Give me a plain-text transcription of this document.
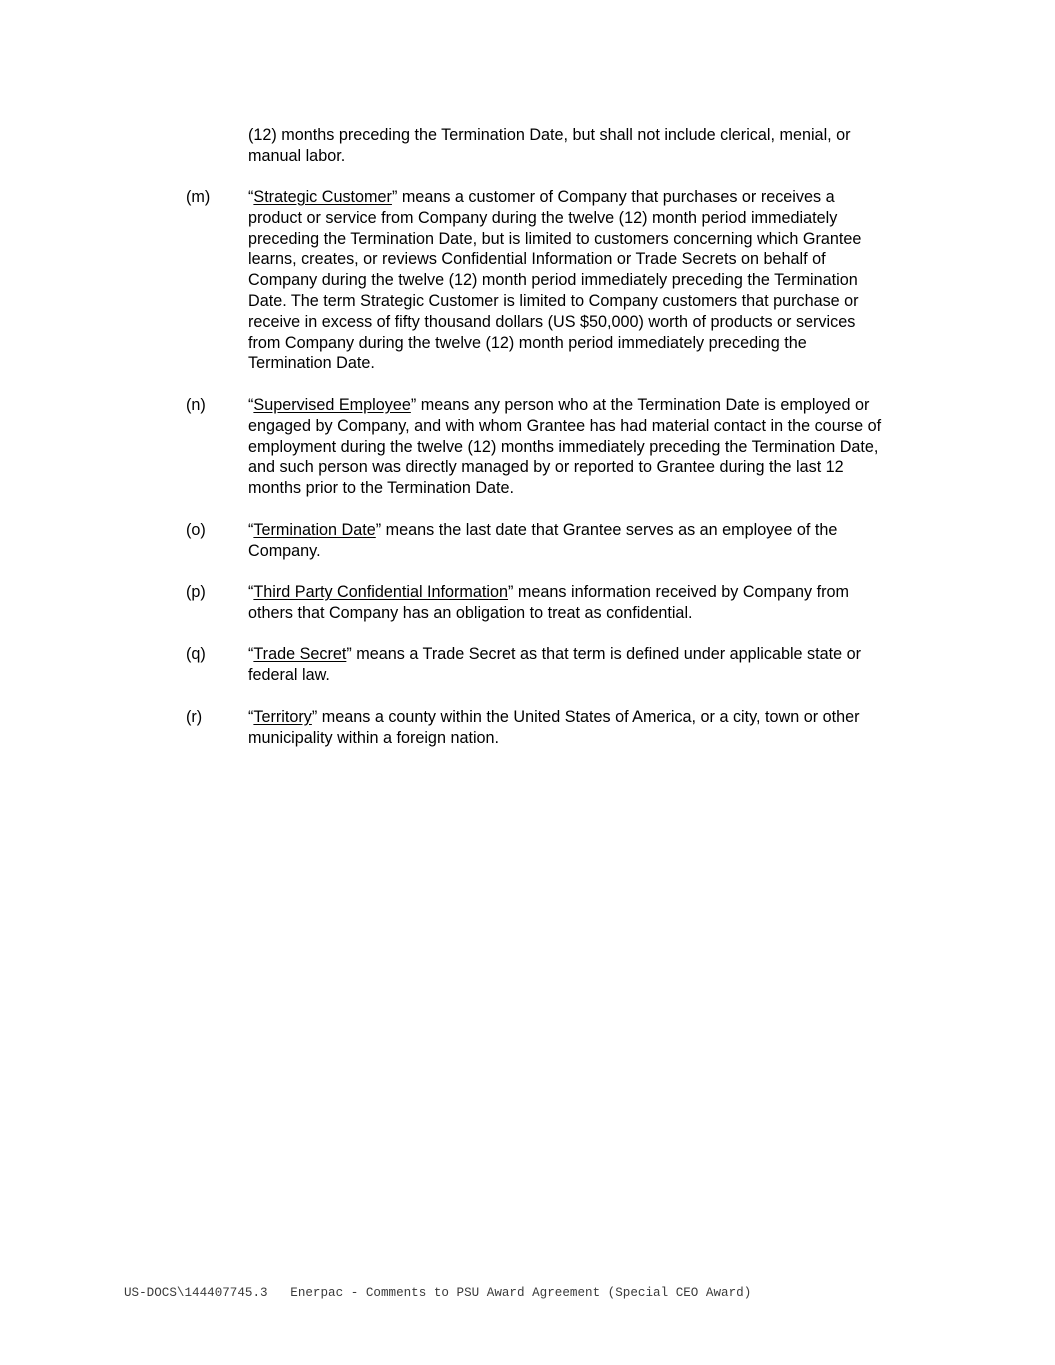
(12) months preceding the Termination Date, but shall not include clerical, menial, or
manual labor.
(m)	“Strategic Customer” means a customer of Company that purchases or receives a
product or service from Company during the twelve (12) month period immediately
preceding the Termination Date, but is limited to customers concerning which Grantee
learns, creates, or reviews Confidential Information or Trade Secrets on behalf of
Company during the twelve (12) month period immediately preceding the Termination
Date. The term Strategic Customer is limited to Company customers that purchase or
receive in excess of fifty thousand dollars (US $50,000) worth of products or services
from Company during the twelve (12) month period immediately preceding the
Termination Date.
(n)	“Supervised Employee” means any person who at the Termination Date is employed or
engaged by Company, and with whom Grantee has had material contact in the course of
employment during the twelve (12) months immediately preceding the Termination Date,
and such person was directly managed by or reported to Grantee during the last 12
months prior to the Termination Date.
(o)	“Termination Date” means the last date that Grantee serves as an employee of the
Company.
(p)	“Third Party Confidential Information” means information received by Company from
others that Company has an obligation to treat as confidential.
(q)	“Trade Secret” means a Trade Secret as that term is defined under applicable state or
federal law.
(r)	“Territory” means a county within the United States of America, or a city, town or other
municipality within a foreign nation.
US-DOCS\144407745.3   Enerpac - Comments to PSU Award Agreement (Special CEO Award)
